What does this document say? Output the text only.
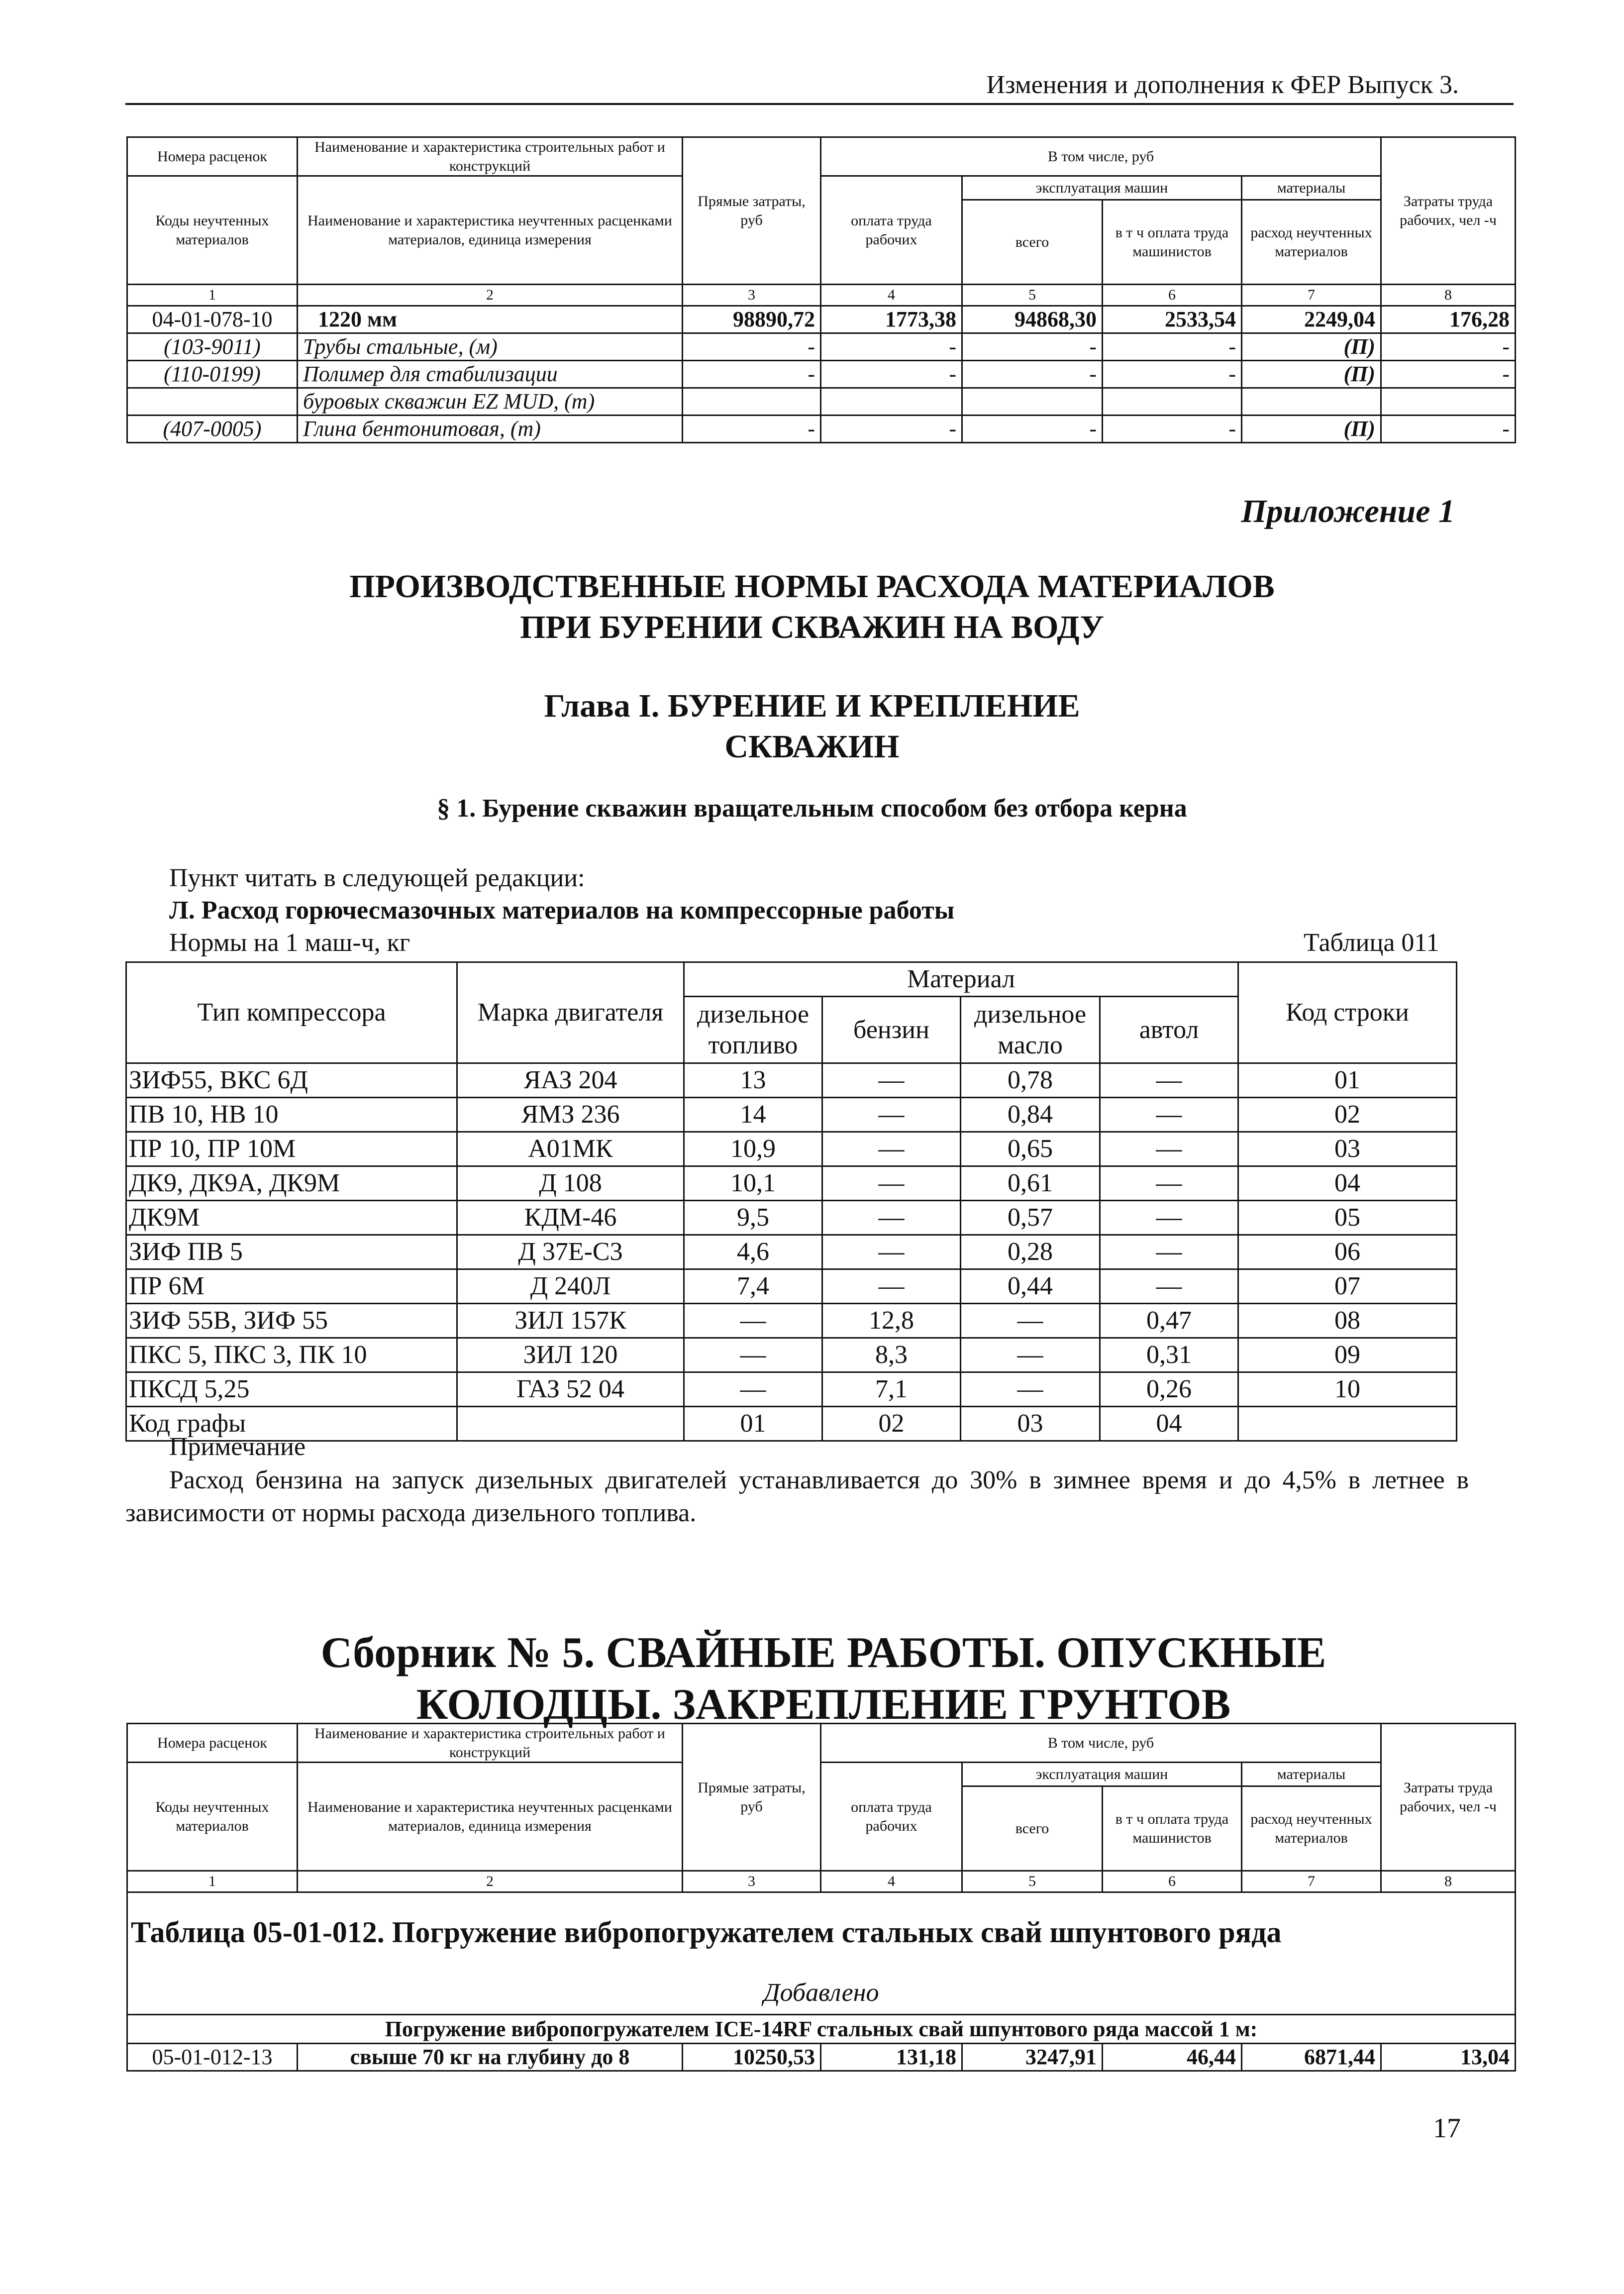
Изменения и дополнения к ФЕР Выпуск 3.
Номера расценок	Наименование и характеристика строительных работ и конструкций	Прямые затраты, руб	В том числе, руб				Затраты труда рабочих, чел -ч
Коды неучтенных материалов	Наименование и характеристика неучтенных расценками материалов, единица измерения		оплата труда рабочих	эксплуатация машин		материалы	
				всего	в т ч оплата труда машинистов	расход неучтенных материалов	
1	2	3	4	5	6	7	8
04-01-078-10	1220 мм	98890,72	1773,38	94868,30	2533,54	2249,04	176,28
(103-9011)	Трубы стальные, (м)	-	-	-	-	(П)	-
(110-0199)	Полимер для стабилизации	-	-	-	-	(П)	-
	буровых скважин EZ MUD, (т)						
(407-0005)	Глина бентонитовая, (т)	-	-	-	-	(П)	-
Приложение 1
ПРОИЗВОДСТВЕННЫЕ НОРМЫ РАСХОДА МАТЕРИАЛОВ ПРИ БУРЕНИИ СКВАЖИН НА ВОДУ
Глава I. БУРЕНИЕ И КРЕПЛЕНИЕ СКВАЖИН
§ 1. Бурение скважин вращательным способом без отбора керна
Пункт читать в следующей редакции:
Л. Расход горючесмазочных материалов на компрессорные работы
Нормы на 1 маш-ч, кг	Таблица 011
Тип компрессора	Марка двигателя	Материал				Код строки
		дизельное топливо	бензин	дизельное масло	автол	
ЗИФ55, ВКС 6Д	ЯАЗ 204	13	—	0,78	—	01
ПВ 10, НВ 10	ЯМЗ 236	14	—	0,84	—	02
ПР 10, ПР 10М	А01МК	10,9	—	0,65	—	03
ДК9, ДК9А, ДК9М	Д 108	10,1	—	0,61	—	04
ДК9М	КДМ-46	9,5	—	0,57	—	05
ЗИФ ПВ 5	Д 37Е-С3	4,6	—	0,28	—	06
ПР 6М	Д 240Л	7,4	—	0,44	—	07
ЗИФ 55В, ЗИФ 55	ЗИЛ 157К	—	12,8	—	0,47	08
ПКС 5, ПКС 3, ПК 10	ЗИЛ 120	—	8,3	—	0,31	09
ПКСД 5,25	ГАЗ 52 04	—	7,1	—	0,26	10
Код графы		01	02	03	04	
Примечание
Расход бензина на запуск дизельных двигателей устанавливается до 30% в зимнее время и до 4,5% в летнее в зависимости от нормы расхода дизельного топлива.
Сборник № 5. СВАЙНЫЕ РАБОТЫ. ОПУСКНЫЕ КОЛОДЦЫ. ЗАКРЕПЛЕНИЕ ГРУНТОВ
Номера расценок	Наименование и характеристика строительных работ и конструкций	Прямые затраты, руб	В том числе, руб				Затраты труда рабочих, чел -ч
Коды неучтенных материалов	Наименование и характеристика неучтенных расценками материалов, единица измерения		оплата труда рабочих	эксплуатация машин		материалы	
				всего	в т ч оплата труда машинистов	расход неучтенных материалов	
1	2	3	4	5	6	7	8
Таблица 05-01-012. Погружение вибропогружателем стальных свай шпунтового ряда							
Добавлено							
Погружение вибропогружателем ICE-14RF стальных свай шпунтового ряда массой 1 м:							
05-01-012-13	свыше 70 кг на глубину до 8	10250,53	131,18	3247,91	46,44	6871,44	13,04
17
